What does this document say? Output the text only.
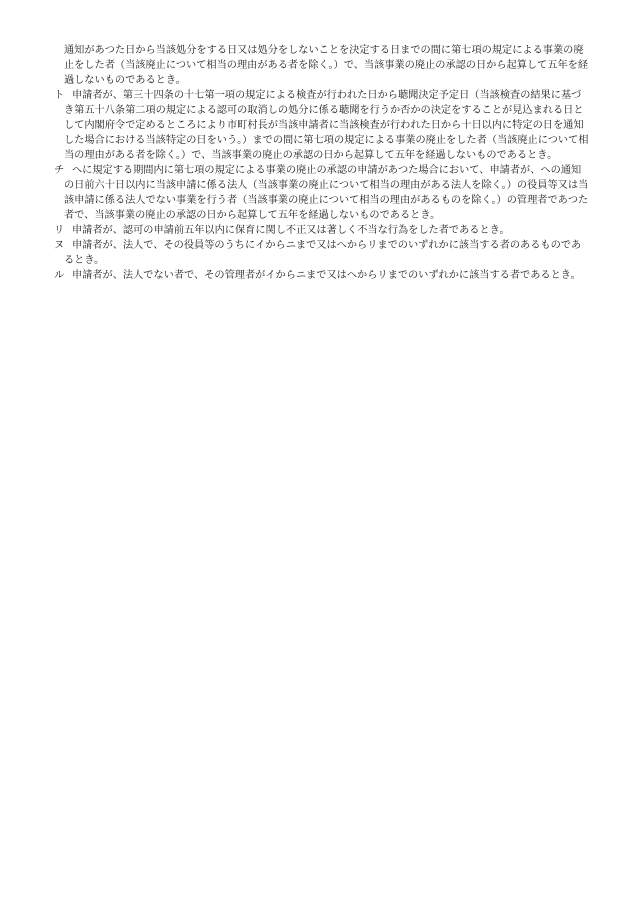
通知があつた日から当該処分をする日又は処分をしないことを決定する日までの間に第七項の規定による事業の廃止をした者（当該廃止について相当の理由がある者を除く。）で、当該事業の廃止の承認の日から起算して五年を経過しないものであるとき。

ト 申請者が、第三十四条の十七第一項の規定による検査が行われた日から聴聞決定予定日（当該検査の結果に基づき第五十八条第二項の規定による認可の取消しの処分に係る聴聞を行うか否かの決定をすることが見込まれる日として内閣府令で定めるところにより市町村長が当該申請者に当該検査が行われた日から十日以内に特定の日を通知した場合における当該特定の日をいう。）までの間に第七項の規定による事業の廃止をした者（当該廃止について相当の理由がある者を除く。）で、当該事業の廃止の承認の日から起算して五年を経過しないものであるとき。

チ へに規定する期間内に第七項の規定による事業の廃止の承認の申請があつた場合において、申請者が、への通知の日前六十日以内に当該申請に係る法人（当該事業の廃止について相当の理由がある法人を除く。）の役員等又は当該申請に係る法人でない事業を行う者（当該事業の廃止について相当の理由があるものを除く。）の管理者であつた者で、当該事業の廃止の承認の日から起算して五年を経過しないものであるとき。

リ 申請者が、認可の申請前五年以内に保育に関し不正又は著しく不当な行為をした者であるとき。

ヌ 申請者が、法人で、その役員等のうちにイからニまで又はへからリまでのいずれかに該当する者のあるものであるとき。

ル 申請者が、法人でない者で、その管理者がイからニまで又はへからリまでのいずれかに該当する者であるとき。
